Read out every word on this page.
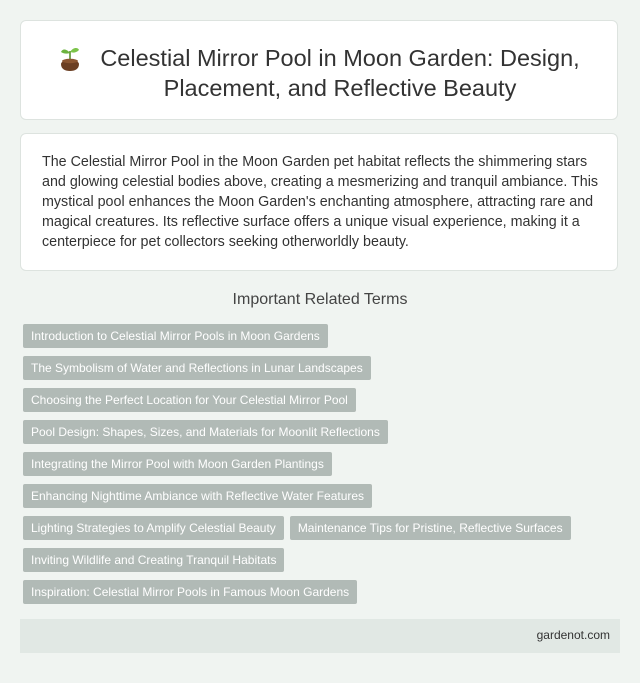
Celestial Mirror Pool in Moon Garden: Design, Placement, and Reflective Beauty

The Celestial Mirror Pool in the Moon Garden pet habitat reflects the shimmering stars and glowing celestial bodies above, creating a mesmerizing and tranquil ambiance. This mystical pool enhances the Moon Garden's enchanting atmosphere, attracting rare and magical creatures. Its reflective surface offers a unique visual experience, making it a centerpiece for pet collectors seeking otherworldly beauty.

Important Related Terms
Introduction to Celestial Mirror Pools in Moon Gardens
The Symbolism of Water and Reflections in Lunar Landscapes
Choosing the Perfect Location for Your Celestial Mirror Pool
Pool Design: Shapes, Sizes, and Materials for Moonlit Reflections
Integrating the Mirror Pool with Moon Garden Plantings
Enhancing Nighttime Ambiance with Reflective Water Features
Lighting Strategies to Amplify Celestial Beauty	Maintenance Tips for Pristine, Reflective Surfaces
Inviting Wildlife and Creating Tranquil Habitats
Inspiration: Celestial Mirror Pools in Famous Moon Gardens
gardenot.com
